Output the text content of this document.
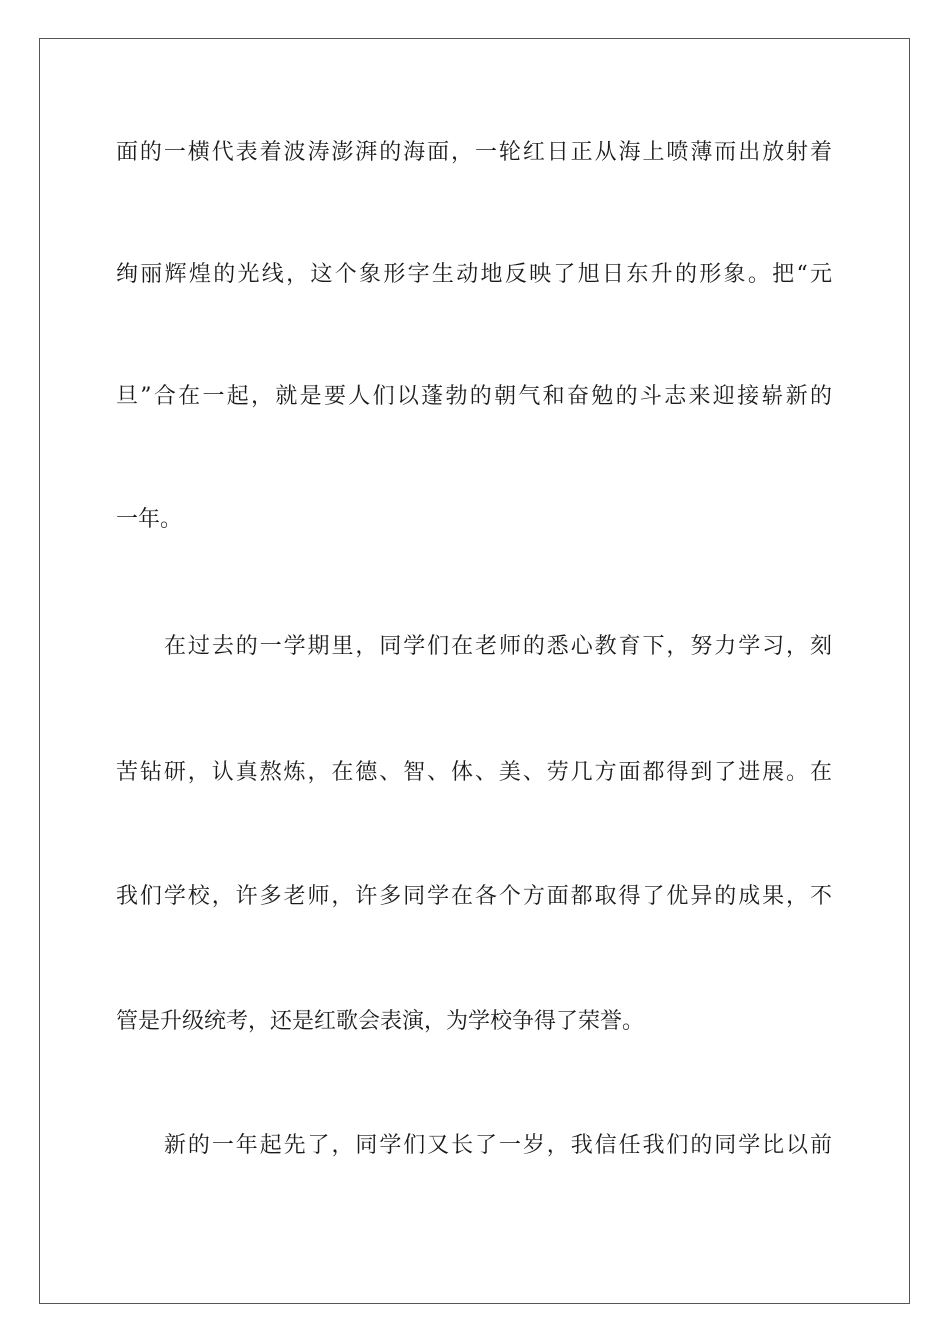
面的一横代表着波涛澎湃的海面，一轮红日正从海上喷薄而出放射着
绚丽辉煌的光线，这个象形字生动地反映了旭日东升的形象。把“元
旦”合在一起，就是要人们以蓬勃的朝气和奋勉的斗志来迎接崭新的
一年。
在过去的一学期里，同学们在老师的悉心教育下，努力学习，刻
苦钻研，认真熬炼，在德、智、体、美、劳几方面都得到了进展。在
我们学校，许多老师，许多同学在各个方面都取得了优异的成果，不
管是升级统考，还是红歌会表演，为学校争得了荣誉。
新的一年起先了，同学们又长了一岁，我信任我们的同学比以前
